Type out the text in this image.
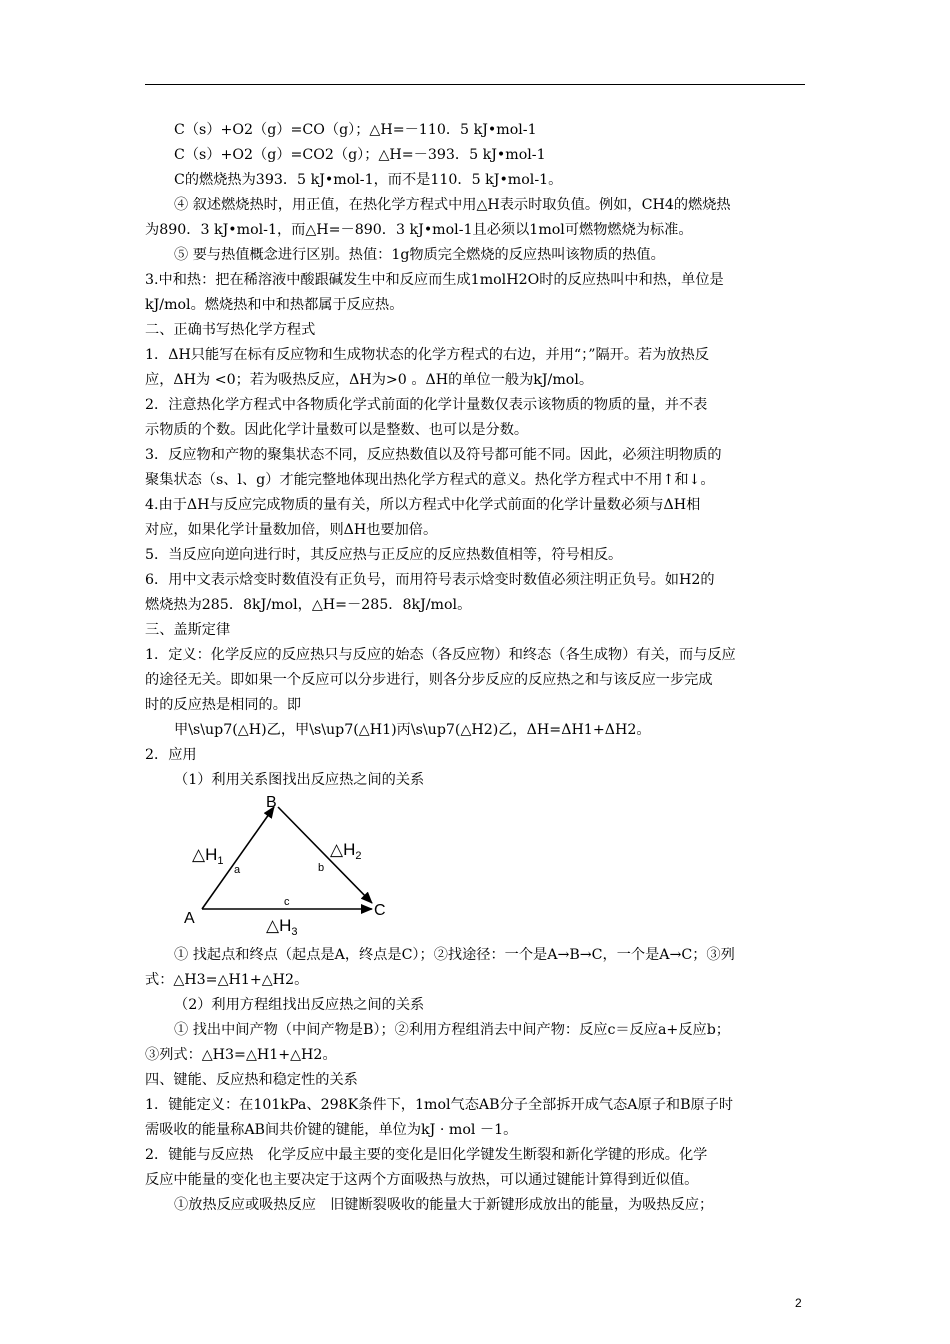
C（s）+O2（g）=CO（g）；△H=－110．5 kJ•mol-1
C（s）+O2（g）=CO2（g）；△H=－393．5 kJ•mol-1
C的燃烧热为393．5 kJ•mol-1，而不是110．5 kJ•mol-1。
④ 叙述燃烧热时，用正值，在热化学方程式中用△H表示时取负值。例如，CH4的燃烧热
为890．3 kJ•mol-1，而△H=－890．3 kJ•mol-1且必须以1mol可燃物燃烧为标准。
⑤ 要与热值概念进行区别。热值：1g物质完全燃烧的反应热叫该物质的热值。
3.中和热：把在稀溶液中酸跟碱发生中和反应而生成1molH2O时的反应热叫中和热，单位是
kJ/mol。燃烧热和中和热都属于反应热。
二、正确书写热化学方程式
1．ΔH只能写在标有反应物和生成物状态的化学方程式的右边，并用“；”隔开。若为放热反
应，ΔH为 <0；若为吸热反应，ΔH为>0 。ΔH的单位一般为kJ/mol。
2．注意热化学方程式中各物质化学式前面的化学计量数仅表示该物质的物质的量，并不表
示物质的个数。因此化学计量数可以是整数、也可以是分数。
3．反应物和产物的聚集状态不同，反应热数值以及符号都可能不同。因此，必须注明物质的
聚集状态（s、l、g）才能完整地体现出热化学方程式的意义。热化学方程式中不用↑和↓。
4.由于ΔH与反应完成物质的量有关，所以方程式中化学式前面的化学计量数必须与ΔH相
对应，如果化学计量数加倍，则ΔH也要加倍。
5．当反应向逆向进行时，其反应热与正反应的反应热数值相等，符号相反。
6．用中文表示焓变时数值没有正负号，而用符号表示焓变时数值必须注明正负号。如H2的
燃烧热为285．8kJ/mol，△H=－285．8kJ/mol。
三、盖斯定律
1．定义：化学反应的反应热只与反应的始态（各反应物）和终态（各生成物）有关，而与反应
的途径无关。即如果一个反应可以分步进行，则各分步反应的反应热之和与该反应一步完成
时的反应热是相同的。即
甲\s\up7(△H)乙，甲\s\up7(△H1)丙\s\up7(△H2)乙，ΔH=ΔH1+ΔH2。
2．应用
（1）利用关系图找出反应热之间的关系
B
A	C
a	b
c
$\triangle H_1$
$\triangle H_2$
$\triangle H_3$
① 找起点和终点（起点是A，终点是C）；②找途径：一个是A→B→C，一个是A→C；③列
式：△H3=△H1+△H2。
（2）利用方程组找出反应热之间的关系
① 找出中间产物（中间产物是B）；②利用方程组消去中间产物：反应c＝反应a+反应b；
③列式：△H3=△H1+△H2。
四、键能、反应热和稳定性的关系
1．键能定义：在101kPa、298K条件下，1mol气态AB分子全部拆开成气态A原子和B原子时
需吸收的能量称AB间共价键的键能，单位为kJ · mol －1。
2．键能与反应热　化学反应中最主要的变化是旧化学键发生断裂和新化学键的形成。化学
反应中能量的变化也主要决定于这两个方面吸热与放热，可以通过键能计算得到近似值。
①放热反应或吸热反应　旧键断裂吸收的能量大于新键形成放出的能量，为吸热反应；
2
